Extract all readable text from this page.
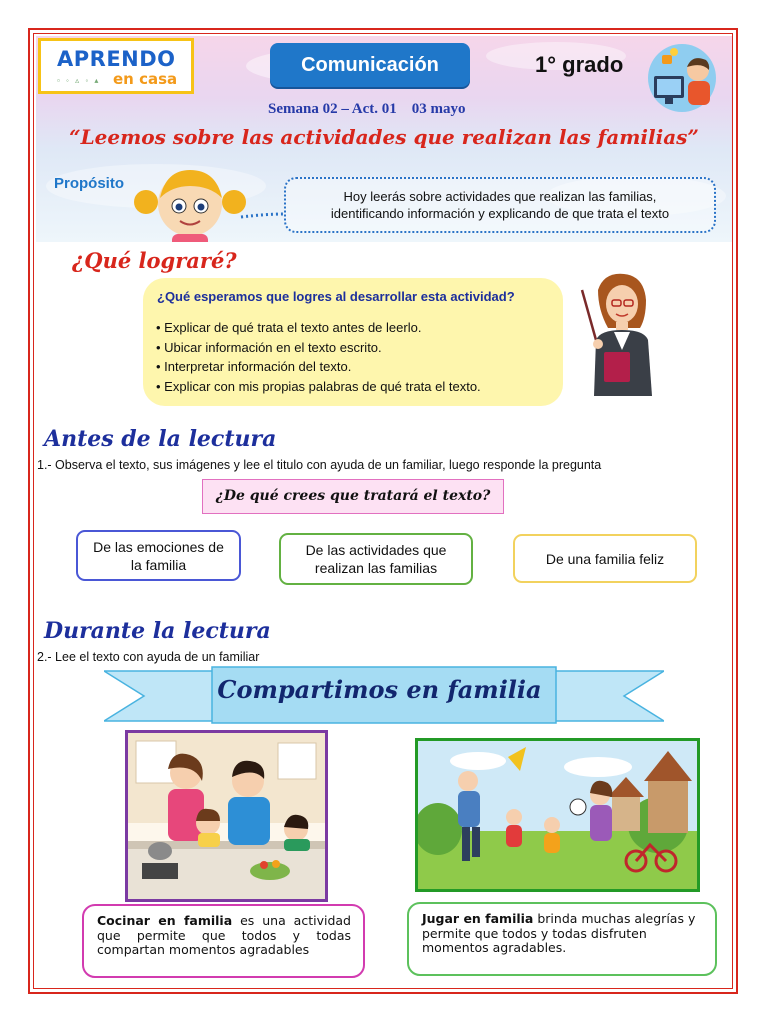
APRENDO
▫ ◦ ▵ ◦ ▴ en casa
Comunicación	1° grado
Semana 02 – Act. 01    03 mayo
“Leemos sobre las actividades que realizan las familias”
Propósito
Hoy leerás sobre actividades que realizan las familias, identificando información y explicando de que trata el texto
¿Qué lograré?
¿Qué esperamos que logres al desarrollar esta actividad?
• Explicar de qué trata el texto antes de leerlo.
• Ubicar información en el texto escrito.
• Interpretar información del texto.
• Explicar con mis propias palabras de qué trata el texto.
Antes de la lectura
1.- Observa el texto, sus imágenes y lee el titulo con ayuda de un familiar, luego responde la pregunta
¿De qué crees que tratará el texto?
De las emociones de la familia
De las actividades que realizan las familias
De una familia feliz
Durante la lectura
2.- Lee el texto con ayuda de un familiar
Compartimos en familia
Cocinar en familia es una actividad que permite que todos y todas compartan momentos agradables
Jugar en familia brinda muchas alegrías y permite que todos y todas disfruten momentos agradables.
